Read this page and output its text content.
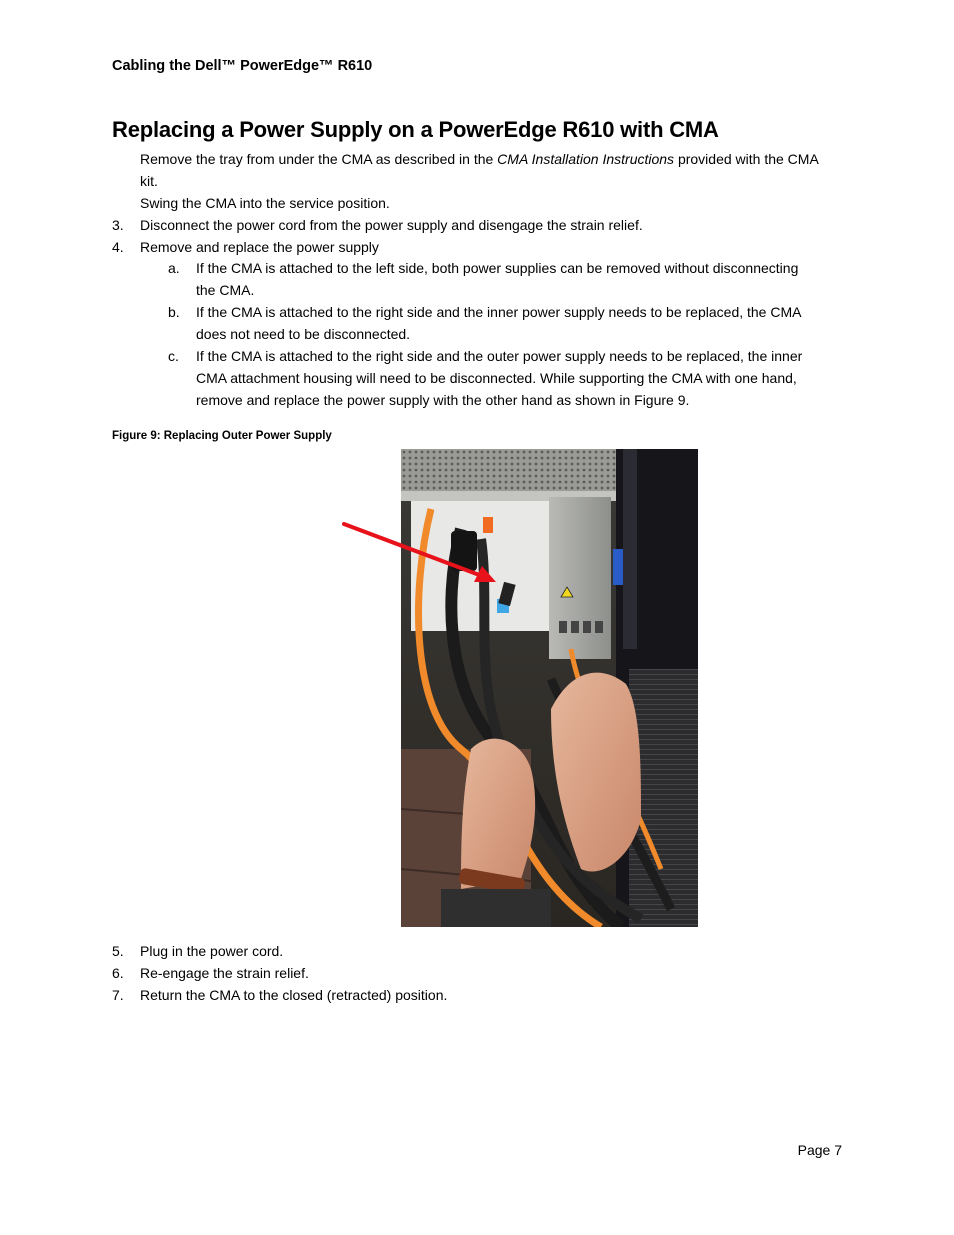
Cabling the Dell™ PowerEdge™ R610
Replacing a Power Supply on a PowerEdge R610 with CMA
Remove the tray from under the CMA as described in the CMA Installation Instructions provided with the CMA
kit.
Swing the CMA into the service position.
3. Disconnect the power cord from the power supply and disengage the strain relief.
4. Remove and replace the power supply
a. If the CMA is attached to the left side, both power supplies can be removed without disconnecting
the CMA.
b. If the CMA is attached to the right side and the inner power supply needs to be replaced, the CMA
does not need to be disconnected.
c. If the CMA is attached to the right side and the outer power supply needs to be replaced, the inner
CMA attachment housing will need to be disconnected. While supporting the CMA with one hand,
remove and replace the power supply with the other hand as shown in Figure 9.
Figure 9: Replacing Outer Power Supply
5. Plug in the power cord.
6. Re-engage the strain relief.
7. Return the CMA to the closed (retracted) position.
Page 7
